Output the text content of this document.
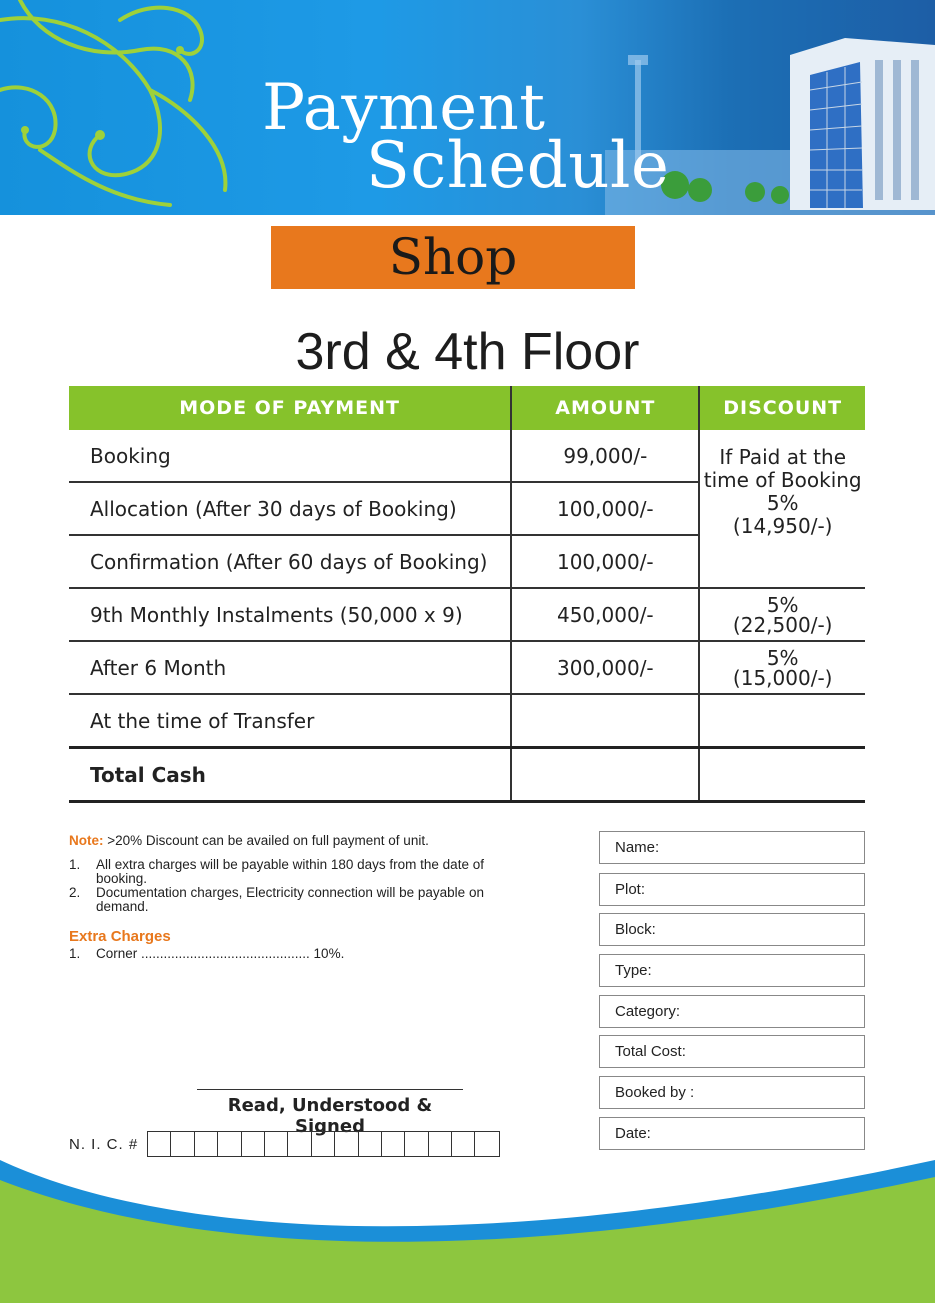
Payment
Schedule
Shop
3rd & 4th Floor
MODE OF PAYMENT	AMOUNT	DISCOUNT
Booking	99,000/-	If Paid at the
time of Booking
5%
(14,950/-)

Allocation (After 30 days of Booking)	100,000/-	
Confirmation (After 60 days of Booking)	100,000/-	
9th Monthly Instalments (50,000 x 9)	450,000/-	5%
(22,500/-)

After 6 Month	300,000/-	5%
(15,000/-)

At the time of Transfer		
Total Cash		
Note: >20% Discount can be availed on full payment of unit.
1. All extra charges will be payable within 180 days from the date of booking.
2. Documentation charges, Electricity connection will be payable on demand.
Extra Charges
1. Corner ............................................. 10%.
Name:
Plot:
Block:
Type:
Category:
Total Cost:
Booked by :
Date:
Read, Understood & Signed
N. I. C. #
